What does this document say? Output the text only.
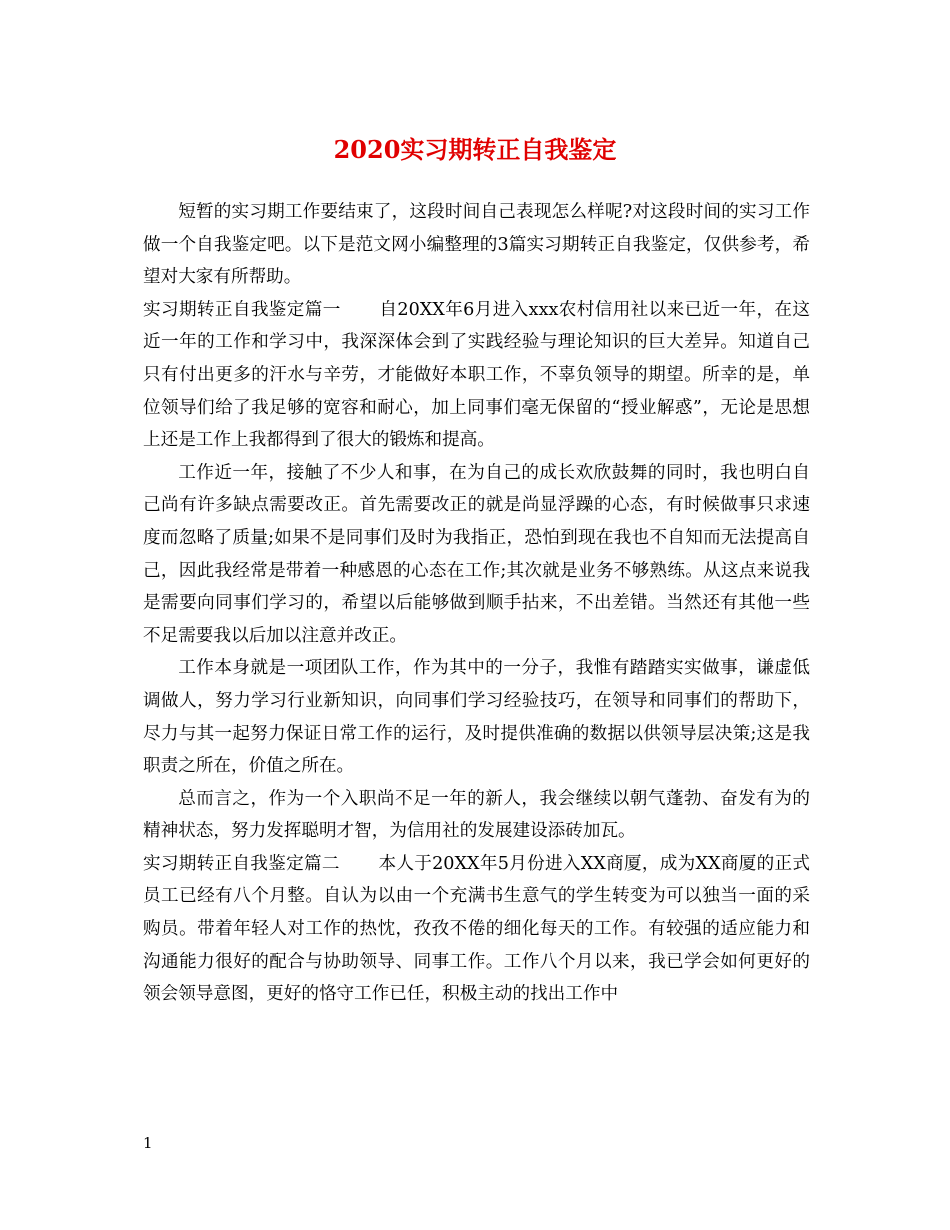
2020实习期转正自我鉴定

短暂的实习期工作要结束了，这段时间自己表现怎么样呢?对这段时间的实习工作做一个自我鉴定吧。以下是范文网小编整理的3篇实习期转正自我鉴定，仅供参考，希望对大家有所帮助。

实习期转正自我鉴定篇一 自20XX年6月进入xxx农村信用社以来已近一年，在这近一年的工作和学习中，我深深体会到了实践经验与理论知识的巨大差异。知道自己只有付出更多的汗水与辛劳，才能做好本职工作，不辜负领导的期望。所幸的是，单位领导们给了我足够的宽容和耐心，加上同事们毫无保留的“授业解惑”，无论是思想上还是工作上我都得到了很大的锻炼和提高。

工作近一年，接触了不少人和事，在为自己的成长欢欣鼓舞的同时，我也明白自己尚有许多缺点需要改正。首先需要改正的就是尚显浮躁的心态，有时候做事只求速度而忽略了质量;如果不是同事们及时为我指正，恐怕到现在我也不自知而无法提高自己，因此我经常是带着一种感恩的心态在工作;其次就是业务不够熟练。从这点来说我是需要向同事们学习的，希望以后能够做到顺手拈来，不出差错。当然还有其他一些不足需要我以后加以注意并改正。

工作本身就是一项团队工作，作为其中的一分子，我惟有踏踏实实做事，谦虚低调做人，努力学习行业新知识，向同事们学习经验技巧，在领导和同事们的帮助下，尽力与其一起努力保证日常工作的运行，及时提供准确的数据以供领导层决策;这是我职责之所在，价值之所在。

总而言之，作为一个入职尚不足一年的新人，我会继续以朝气蓬勃、奋发有为的精神状态，努力发挥聪明才智，为信用社的发展建设添砖加瓦。

实习期转正自我鉴定篇二 本人于20XX年5月份进入XX商厦，成为XX商厦的正式员工已经有八个月整。自认为以由一个充满书生意气的学生转变为可以独当一面的采购员。带着年轻人对工作的热忱，孜孜不倦的细化每天的工作。有较强的适应能力和沟通能力很好的配合与协助领导、同事工作。工作八个月以来，我已学会如何更好的领会领导意图，更好的恪守工作已任，积极主动的找出工作中

1
